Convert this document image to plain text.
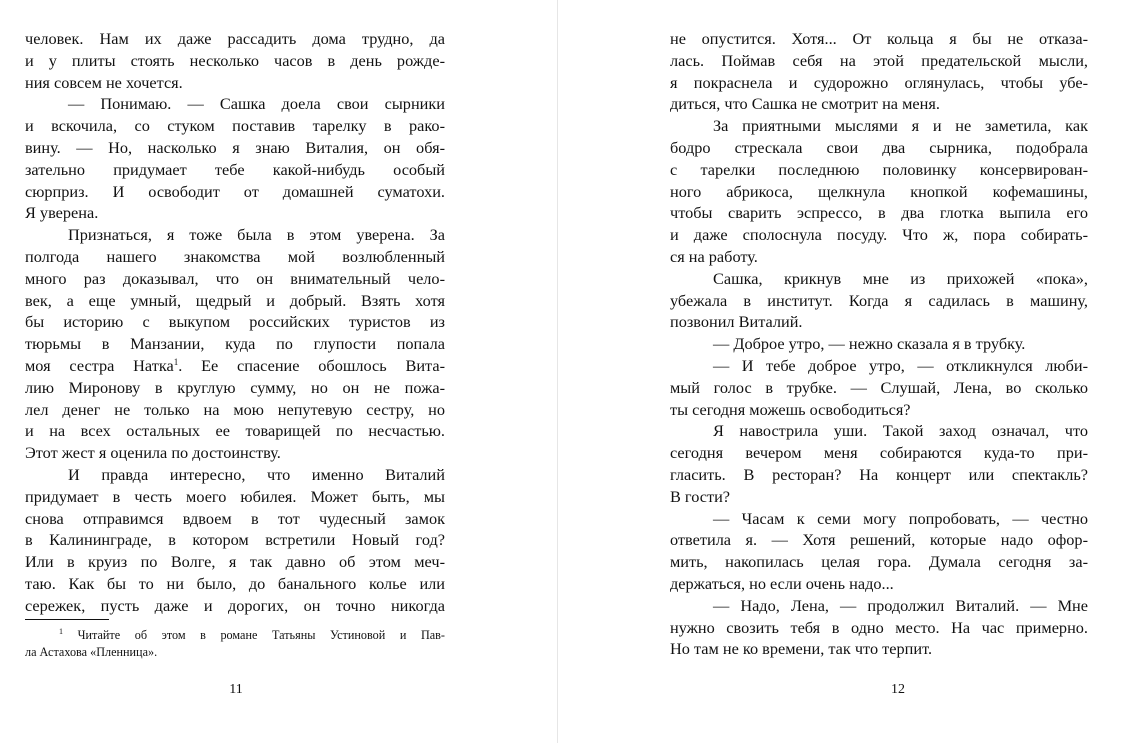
человек. Нам их даже рассадить дома трудно, да
и у плиты стоять несколько часов в день рожде-
ния совсем не хочется.
— Понимаю. — Сашка доела свои сырники
и вскочила, со стуком поставив тарелку в рако-
вину. — Но, насколько я знаю Виталия, он обя-
зательно придумает тебе какой-нибудь особый
сюрприз. И освободит от домашней суматохи.
Я уверена.
Признаться, я тоже была в этом уверена. За
полгода нашего знакомства мой возлюбленный
много раз доказывал, что он внимательный чело-
век, а еще умный, щедрый и добрый. Взять хотя
бы историю с выкупом российских туристов из
тюрьмы в Манзании, куда по глупости попала
моя сестра Натка$^1$. Ее спасение обошлось Вита-
лию Миронову в круглую сумму, но он не пожа-
лел денег не только на мою непутевую сестру, но
и на всех остальных ее товарищей по несчастью.
Этот жест я оценила по достоинству.
И правда интересно, что именно Виталий
придумает в честь моего юбилея. Может быть, мы
снова отправимся вдвоем в тот чудесный замок
в Калининграде, в котором встретили Новый год?
Или в круиз по Волге, я так давно об этом меч-
таю. Как бы то ни было, до банального колье или
сережек, пусть даже и дорогих, он точно никогда
$^1$ Читайте об этом в романе Татьяны Устиновой и Пав-
ла Астахова «Пленница».
11
не опустится. Хотя... От кольца я бы не отказа-
лась. Поймав себя на этой предательской мысли,
я покраснела и судорожно оглянулась, чтобы убе-
диться, что Сашка не смотрит на меня.
За приятными мыслями я и не заметила, как
бодро стрескала свои два сырника, подобрала
с тарелки последнюю половинку консервирован-
ного абрикоса, щелкнула кнопкой кофемашины,
чтобы сварить эспрессо, в два глотка выпила его
и даже сполоснула посуду. Что ж, пора собирать-
ся на работу.
Сашка, крикнув мне из прихожей «пока»,
убежала в институт. Когда я садилась в машину,
позвонил Виталий.
— Доброе утро, — нежно сказала я в трубку.
— И тебе доброе утро, — откликнулся люби-
мый голос в трубке. — Слушай, Лена, во сколько
ты сегодня можешь освободиться?
Я навострила уши. Такой заход означал, что
сегодня вечером меня собираются куда-то при-
гласить. В ресторан? На концерт или спектакль?
В гости?
— Часам к семи могу попробовать, — честно
ответила я. — Хотя решений, которые надо офор-
мить, накопилась целая гора. Думала сегодня за-
держаться, но если очень надо...
— Надо, Лена, — продолжил Виталий. — Мне
нужно свозить тебя в одно место. На час примерно.
Но там не ко времени, так что терпит.
12
